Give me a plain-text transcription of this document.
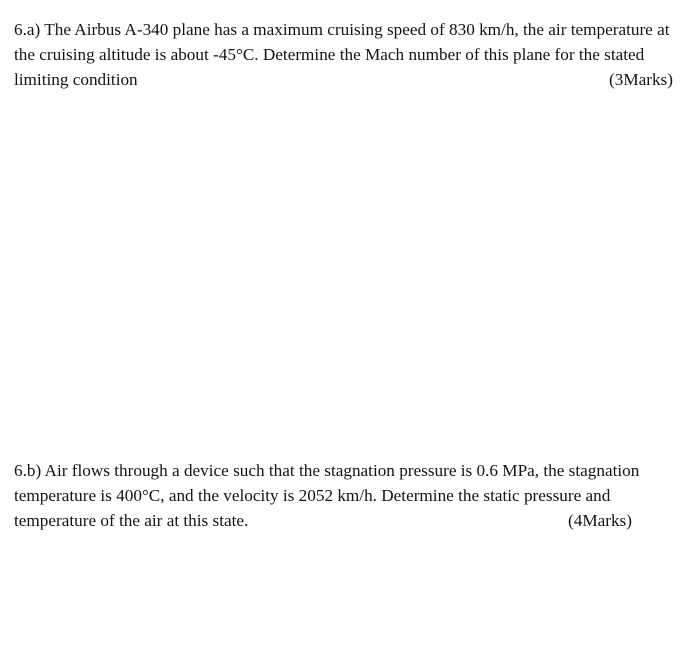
6.a) The Airbus A-340 plane has a maximum cruising speed of 830 km/h, the air temperature at
the cruising altitude is about -45°C. Determine the Mach number of this plane for the stated
limiting condition	(3Marks)
6.b) Air flows through a device such that the stagnation pressure is 0.6 MPa, the stagnation
temperature is 400°C, and the velocity is 2052 km/h. Determine the static pressure and
temperature of the air at this state.	(4Marks)
